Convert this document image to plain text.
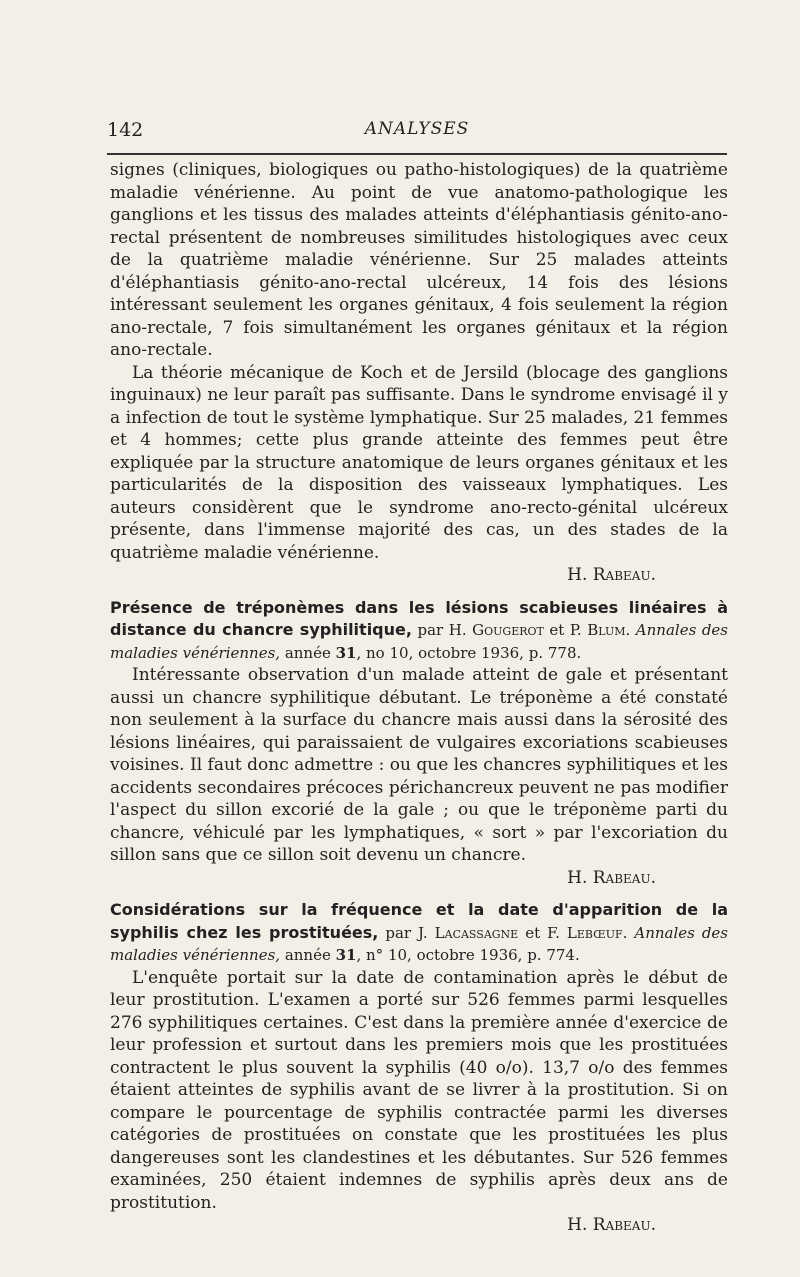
142	ANALYSES

signes (cliniques, biologiques ou patho-histologiques) de la quatrième maladie vénérienne. Au point de vue anatomo-pathologique les ganglions et les tissus des malades atteints d'éléphantiasis génito-ano-rectal présentent de nombreuses similitudes histologiques avec ceux de la quatrième maladie vénérienne. Sur 25 malades atteints d'éléphantiasis génito-ano-rectal ulcéreux, 14 fois des lésions intéressant seulement les organes génitaux, 4 fois seulement la région ano-rectale, 7 fois simultanément les organes génitaux et la région ano-rectale.

La théorie mécanique de Koch et de Jersild (blocage des ganglions inguinaux) ne leur paraît pas suffisante. Dans le syndrome envisagé il y a infection de tout le système lymphatique. Sur 25 malades, 21 femmes et 4 hommes; cette plus grande atteinte des femmes peut être expliquée par la structure anatomique de leurs organes génitaux et les particularités de la disposition des vaisseaux lymphatiques. Les auteurs considèrent que le syndrome ano-recto-génital ulcéreux présente, dans l'immense majorité des cas, un des stades de la quatrième maladie vénérienne.

H. Rabeau.

Présence de tréponèmes dans les lésions scabieuses linéaires à distance du chancre syphilitique, par H. Gougerot et P. Blum. Annales des maladies vénériennes, année 31, no 10, octobre 1936, p. 778.

Intéressante observation d'un malade atteint de gale et présentant aussi un chancre syphilitique débutant. Le tréponème a été constaté non seulement à la surface du chancre mais aussi dans la sérosité des lésions linéaires, qui paraissaient de vulgaires excoriations scabieuses voisines. Il faut donc admettre : ou que les chancres syphilitiques et les accidents secondaires précoces périchancreux peuvent ne pas modifier l'aspect du sillon excorié de la gale ; ou que le tréponème parti du chancre, véhiculé par les lymphatiques, « sort » par l'excoriation du sillon sans que ce sillon soit devenu un chancre.

H. Rabeau.

Considérations sur la fréquence et la date d'apparition de la syphilis chez les prostituées, par J. Lacassagne et F. Lebœuf. Annales des maladies vénériennes, année 31, n° 10, octobre 1936, p. 774.

L'enquête portait sur la date de contamination après le début de leur prostitution. L'examen a porté sur 526 femmes parmi lesquelles 276 syphilitiques certaines. C'est dans la première année d'exercice de leur profession et surtout dans les premiers mois que les prostituées contractent le plus souvent la syphilis (40 o/o). 13,7 o/o des femmes étaient atteintes de syphilis avant de se livrer à la prostitution. Si on compare le pourcentage de syphilis contractée parmi les diverses catégories de prostituées on constate que les prostituées les plus dangereuses sont les clandestines et les débutantes. Sur 526 femmes examinées, 250 étaient indemnes de syphilis après deux ans de prostitution.

H. Rabeau.
